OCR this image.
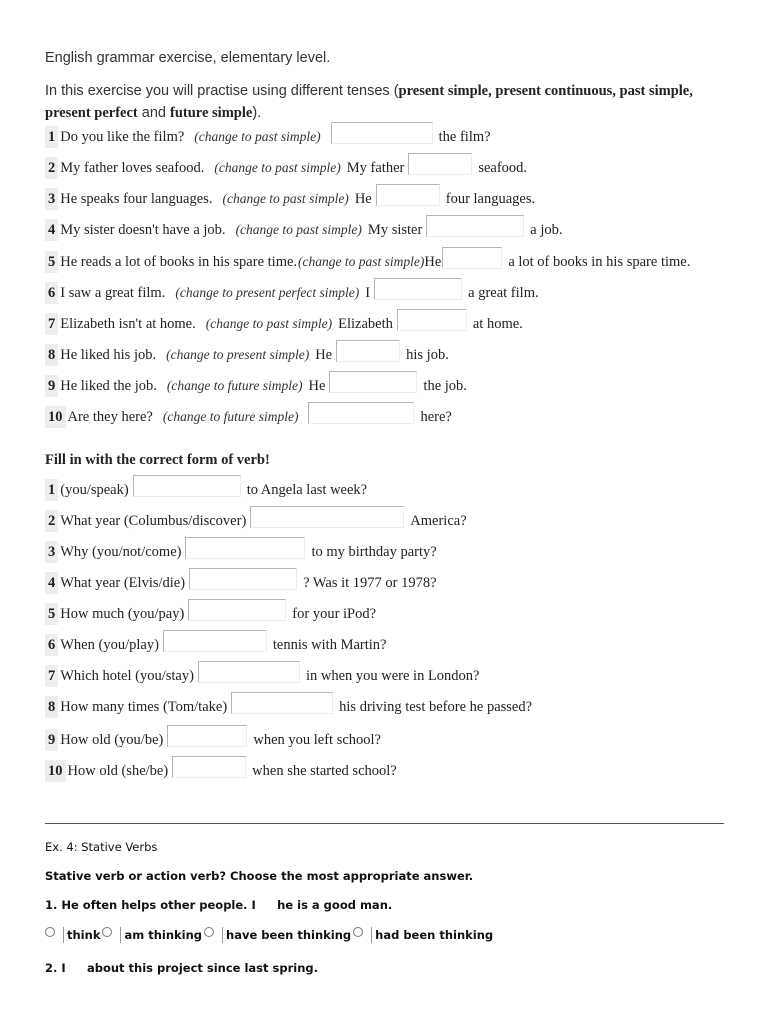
English grammar exercise, elementary level.
In this exercise you will practise using different tenses (present simple, present continuous, past simple,
present perfect and future simple).
1 Do you like the film? (change to past simple)	the film?
2 My father loves seafood. (change to past simple) My father	seafood.
3 He speaks four languages. (change to past simple) He	four languages.
4 My sister doesn't have a job. (change to past simple) My sister	a job.
5 He reads a lot of books in his spare time. (change to past simple) He	a lot of books in his spare time.
6 I saw a great film. (change to present perfect simple) I	a great film.
7 Elizabeth isn't at home. (change to past simple) Elizabeth	at home.
8 He liked his job. (change to present simple) He	his job.
9 He liked the job. (change to future simple) He	the job.
10 Are they here? (change to future simple)	here?
Fill in with the correct form of verb!
1 (you/speak)	to Angela last week?
2 What year (Columbus/discover)	America?
3 Why (you/not/come)	to my birthday party?
4 What year (Elvis/die)	? Was it 1977 or 1978?
5 How much (you/pay)	for your iPod?
6 When (you/play)	tennis with Martin?
7 Which hotel (you/stay)	in when you were in London?
8 How many times (Tom/take)	his driving test before he passed?
9 How old (you/be)	when you left school?
10 How old (she/be)	when she started school?
Ex. 4: Stative Verbs
Stative verb or action verb? Choose the most appropriate answer.
1. He often helps other people. I he is a good man.
think am thinking have been thinking had been thinking
2. I about this project since last spring.
